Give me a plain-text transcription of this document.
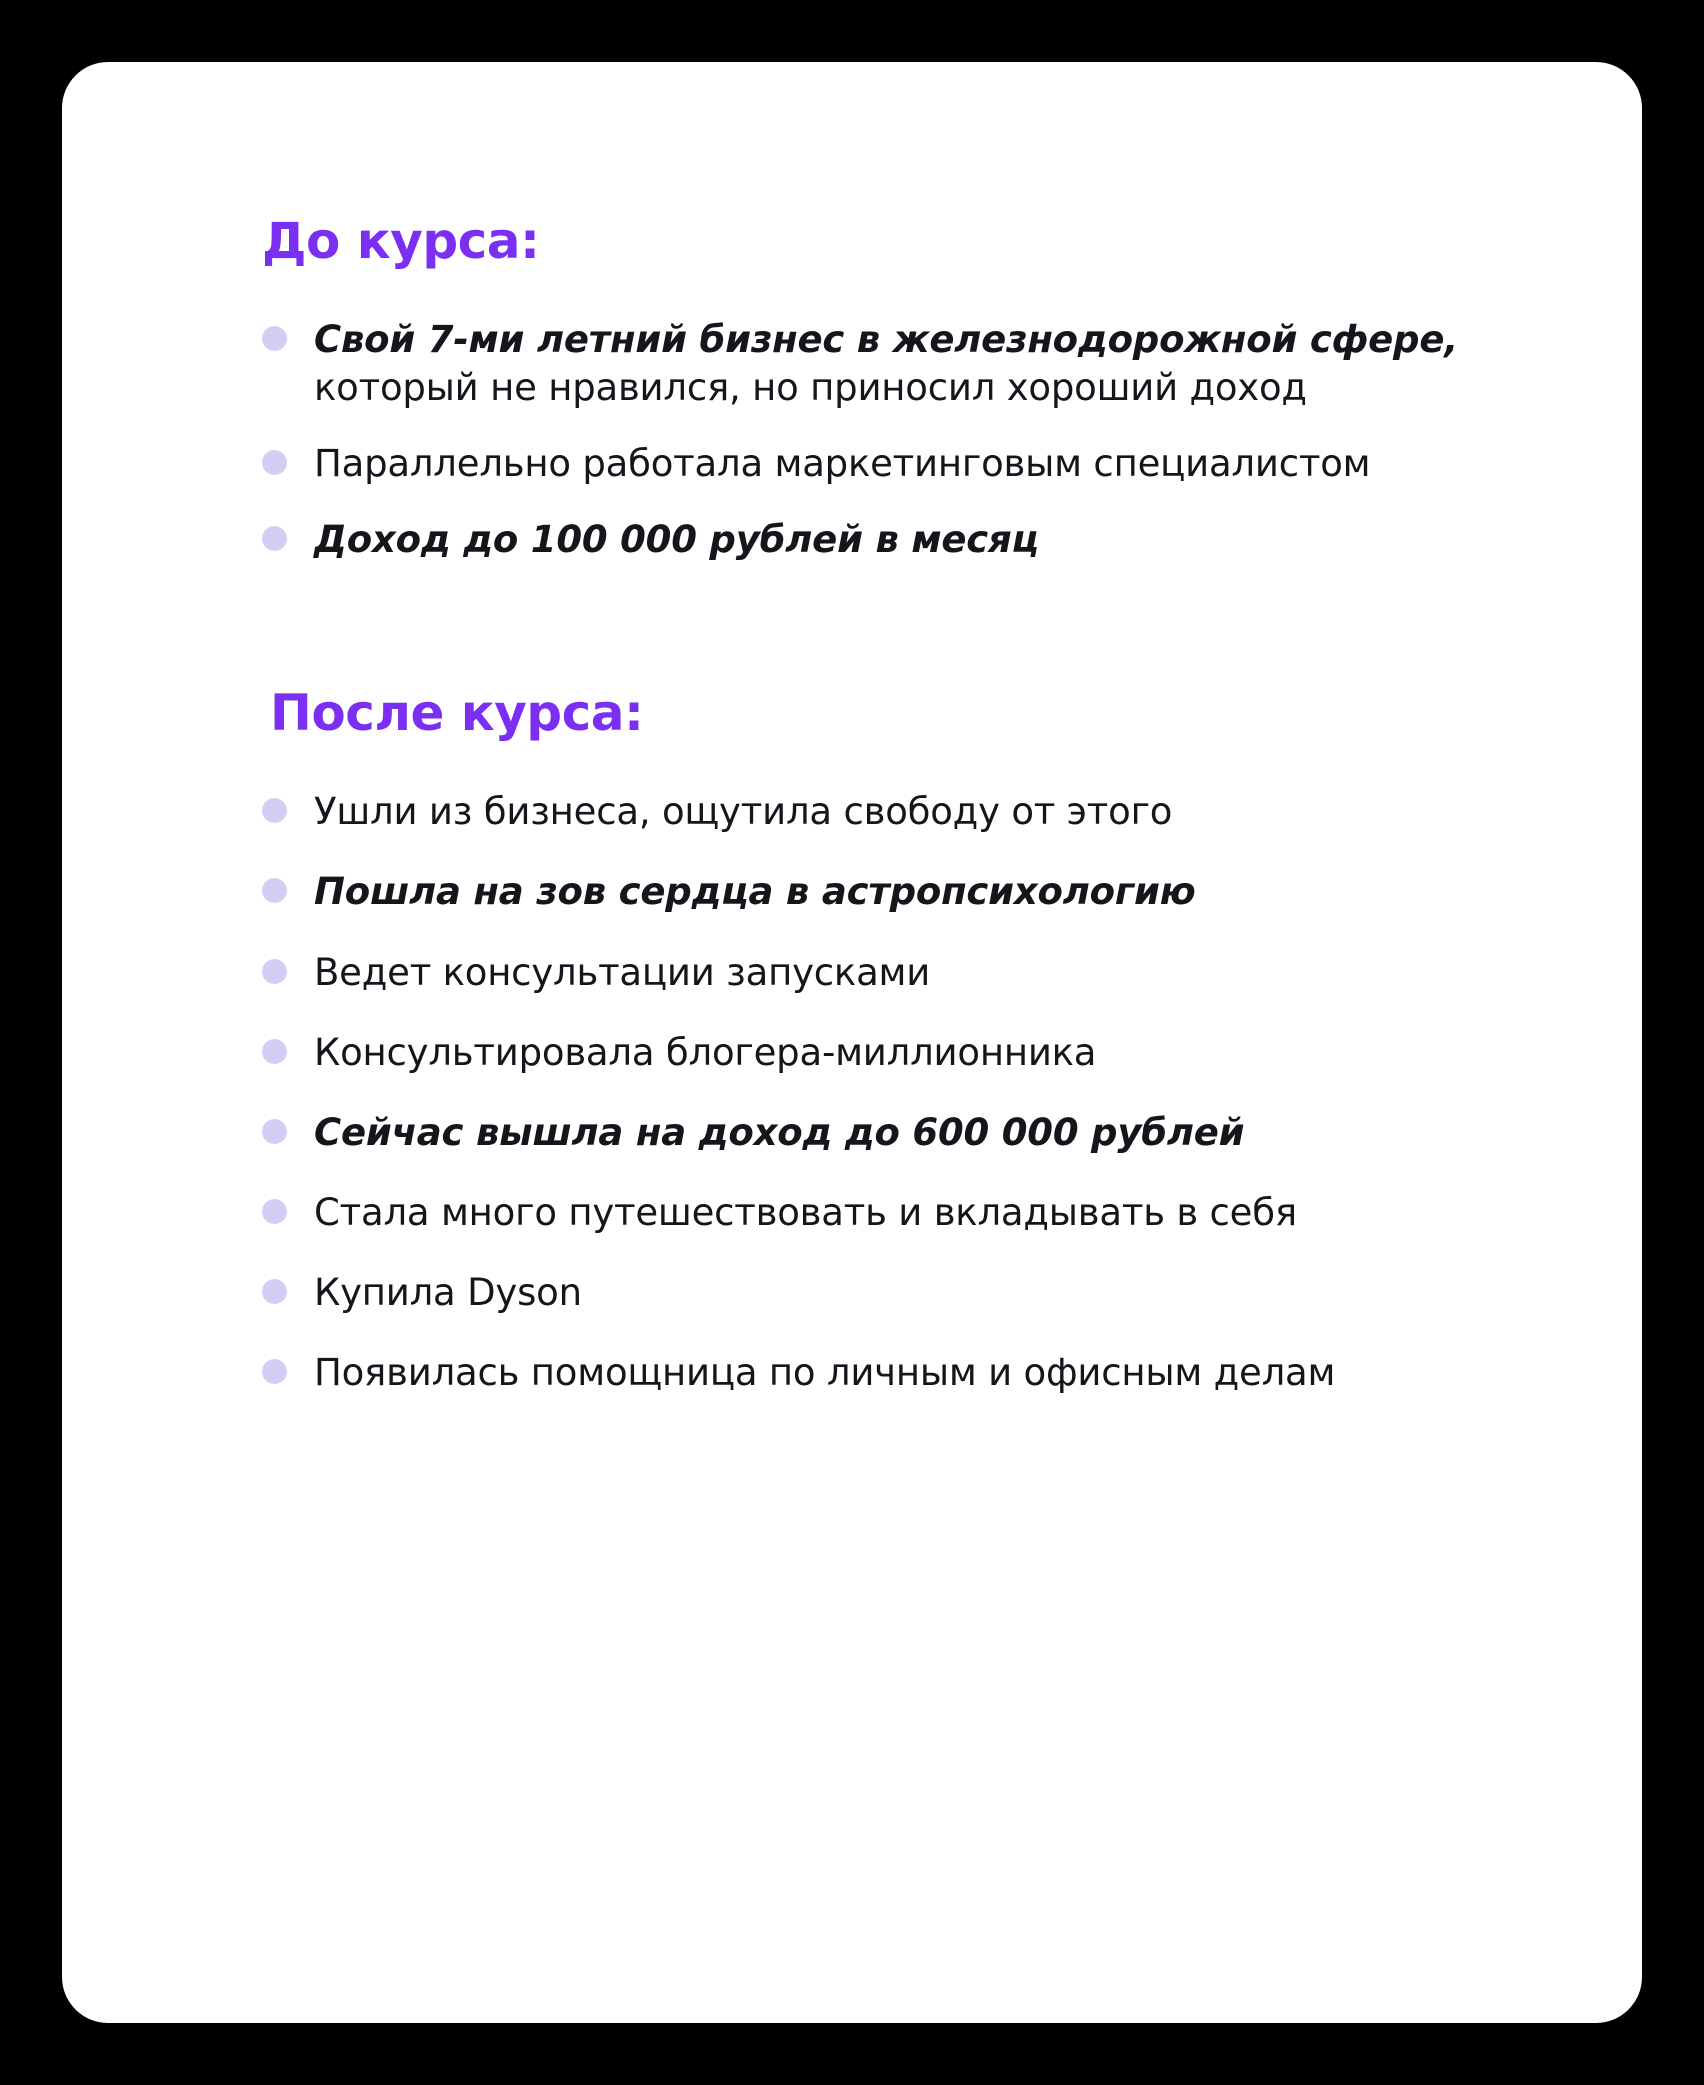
До курса:
Свой 7-ми летний бизнес в железнодорожной сфере, который не нравился, но приносил хороший доход
Параллельно работала маркетинговым специалистом
Доход до 100 000 рублей в месяц
После курса:
Ушли из бизнеса, ощутила свободу от этого
Пошла на зов сердца в астропсихологию
Ведет консультации запусками
Консультировала блогера-миллионника
Сейчас вышла на доход до 600 000 рублей
Стала много путешествовать и вкладывать в себя
Купила Dyson
Появилась помощница по личным и офисным делам
